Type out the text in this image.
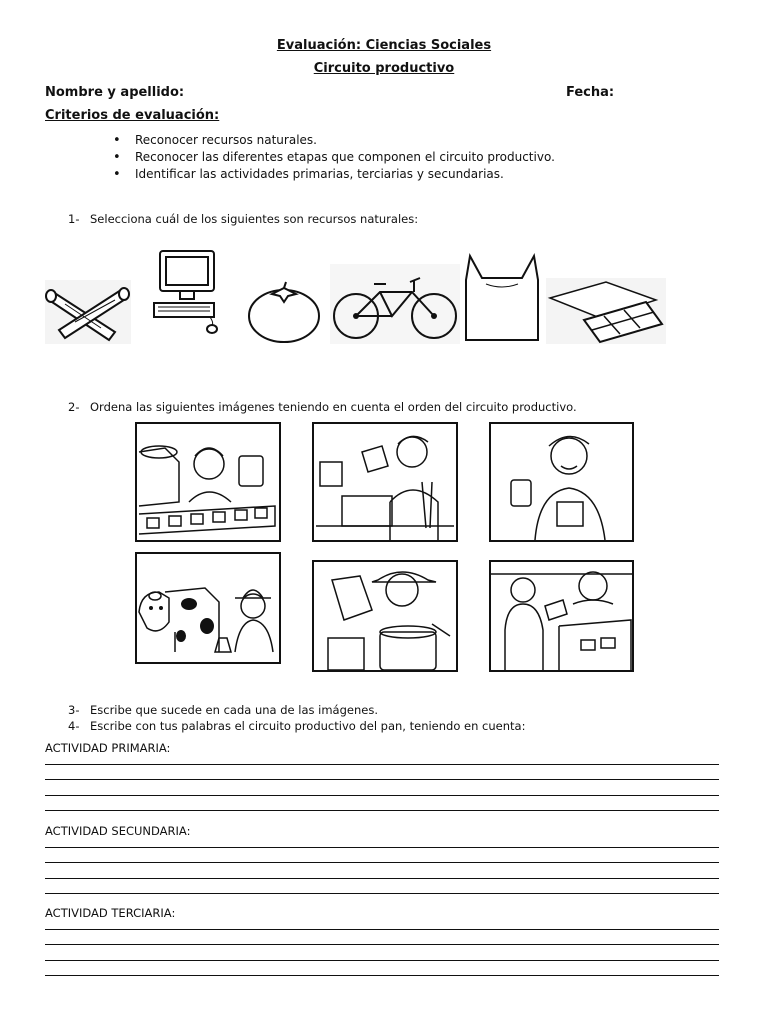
Evaluación: Ciencias Sociales
Circuito productivo
Nombre y apellido:	Fecha:
Criterios de evaluación:
• Reconocer recursos naturales.
• Reconocer las diferentes etapas que componen el circuito productivo.
• Identificar las actividades primarias, terciarias y secundarias.
1- Selecciona cuál de los siguientes son recursos naturales:
2- Ordena las siguientes imágenes teniendo en cuenta el orden del circuito productivo.
3- Escribe que sucede en cada una de las imágenes.
4- Escribe con tus palabras el circuito productivo del pan, teniendo en cuenta:
ACTIVIDAD PRIMARIA:
ACTIVIDAD SECUNDARIA:
ACTIVIDAD TERCIARIA:
